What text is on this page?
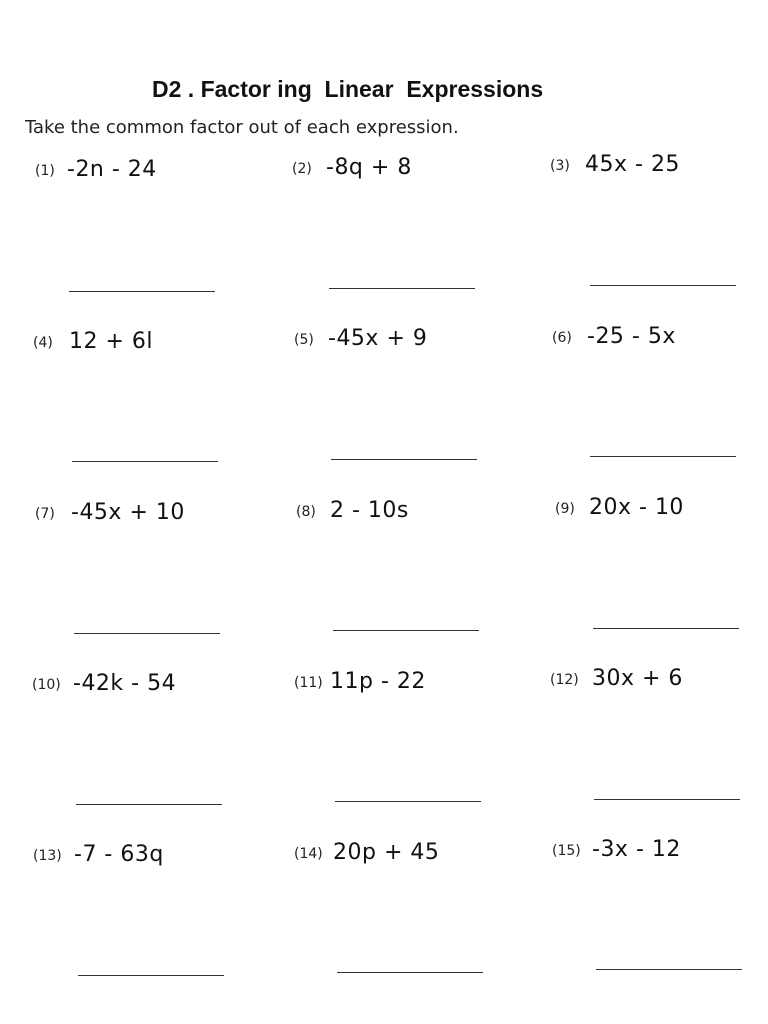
D2 . Factor ing  Linear  Expressions
Take the common factor out of each expression.
(1) -2n - 24	(2) -8q + 8	(3) 45x - 25
(4) 12 + 6l	(5) -45x + 9	(6) -25 - 5x
(7) -45x + 10	(8) 2 - 10s	(9) 20x - 10
(10) -42k - 54	(11) 11p - 22	(12) 30x + 6
(13) -7 - 63q	(14) 20p + 45	(15) -3x - 12
